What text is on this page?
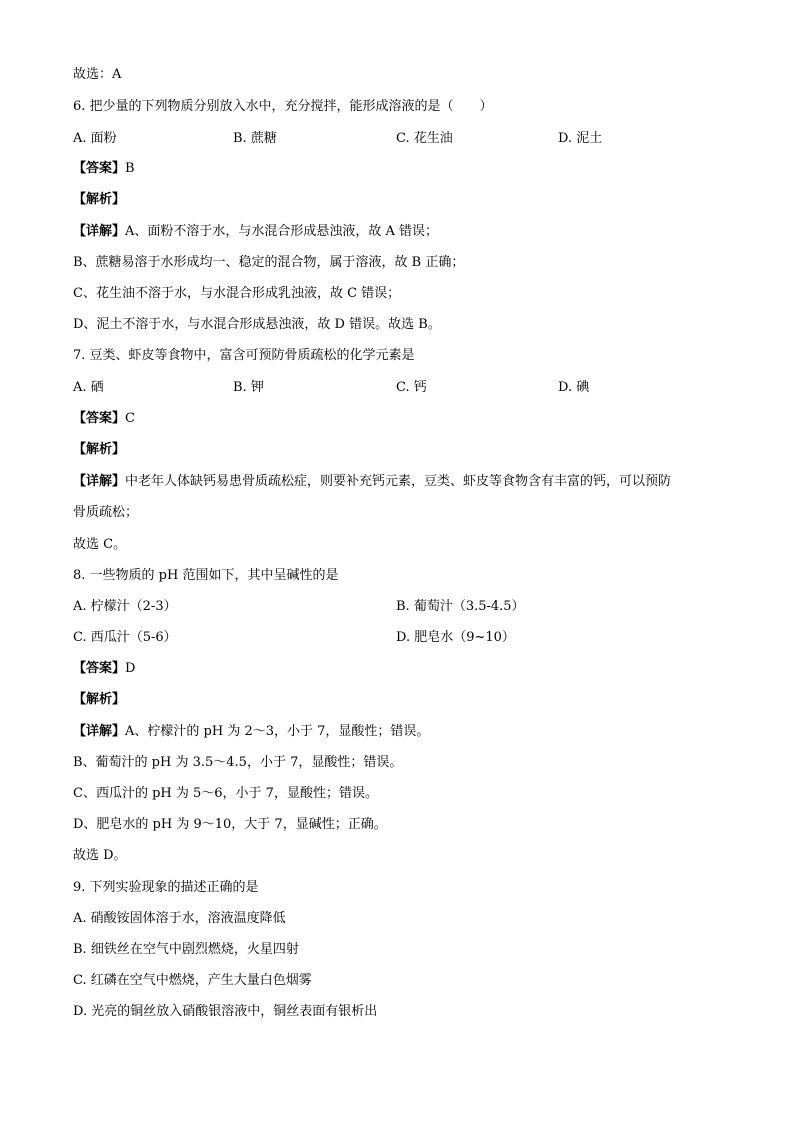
故选：A
6. 把少量的下列物质分别放入水中，充分搅拌，能形成溶液的是（　　）
A. 面粉	B. 蔗糖	C. 花生油	D. 泥土
【答案】B
【解析】
【详解】A、面粉不溶于水，与水混合形成悬浊液，故 A 错误；
B、蔗糖易溶于水形成均一、稳定的混合物，属于溶液，故 B 正确；
C、花生油不溶于水，与水混合形成乳浊液，故 C 错误；
D、泥土不溶于水，与水混合形成悬浊液，故 D 错误。故选 B。
7. 豆类、虾皮等食物中，富含可预防骨质疏松的化学元素是
A. 硒	B. 钾	C. 钙	D. 碘
【答案】C
【解析】
【详解】中老年人体缺钙易患骨质疏松症，则要补充钙元素，豆类、虾皮等食物含有丰富的钙，可以预防
骨质疏松；
故选 C。
8. 一些物质的 pH 范围如下，其中呈碱性的是
A. 柠檬汁（2-3）	B. 葡萄汁（3.5-4.5）
C. 西瓜汁（5-6）	D. 肥皂水（9~10）
【答案】D
【解析】
【详解】A、柠檬汁的 pH 为 2～3，小于 7，显酸性；错误。
B、葡萄汁的 pH 为 3.5～4.5，小于 7，显酸性；错误。
C、西瓜汁的 pH 为 5～6，小于 7，显酸性；错误。
D、肥皂水的 pH 为 9～10，大于 7，显碱性；正确。
故选 D。
9. 下列实验现象的描述正确的是
A. 硝酸铵固体溶于水，溶液温度降低
B. 细铁丝在空气中剧烈燃烧，火星四射
C. 红磷在空气中燃烧，产生大量白色烟雾
D. 光亮的铜丝放入硝酸银溶液中，铜丝表面有银析出
